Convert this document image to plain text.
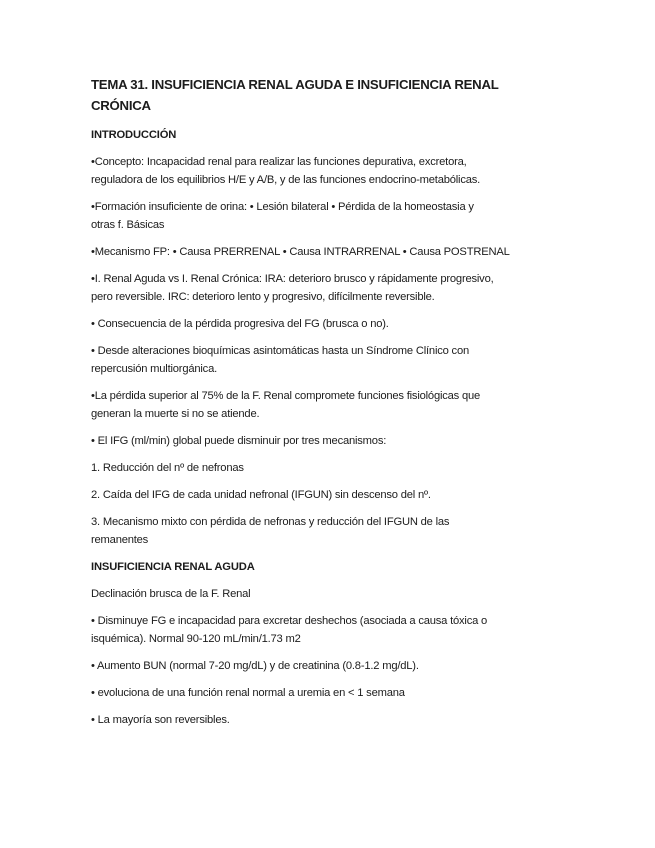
TEMA 31. INSUFICIENCIA RENAL AGUDA E INSUFICIENCIA RENAL
CRÓNICA
INTRODUCCIÓN
•Concepto: Incapacidad renal para realizar las funciones depurativa, excretora,
reguladora de los equilibrios H/E y A/B, y de las funciones endocrino-metabólicas.
•Formación insuficiente de orina: • Lesión bilateral • Pérdida de la homeostasia y
otras f. Básicas
•Mecanismo FP: • Causa PRERRENAL • Causa INTRARRENAL • Causa POSTRENAL
•I. Renal Aguda vs I. Renal Crónica: IRA: deterioro brusco y rápidamente progresivo,
pero reversible. IRC: deterioro lento y progresivo, difícilmente reversible.
• Consecuencia de la pérdida progresiva del FG (brusca o no).
• Desde alteraciones bioquímicas asintomáticas hasta un Síndrome Clínico con
repercusión multiorgánica.
•La pérdida superior al 75% de la F. Renal compromete funciones fisiológicas que
generan la muerte si no se atiende.
• El IFG (ml/min) global puede disminuir por tres mecanismos:
1. Reducción del nº de nefronas
2. Caída del IFG de cada unidad nefronal (IFGUN) sin descenso del nº.
3. Mecanismo mixto con pérdida de nefronas y reducción del IFGUN de las
remanentes
INSUFICIENCIA RENAL AGUDA
Declinación brusca de la F. Renal
• Disminuye FG e incapacidad para excretar deshechos (asociada a causa tóxica o
isquémica). Normal 90-120 mL/min/1.73 m2
• Aumento BUN (normal 7-20 mg/dL) y de creatinina (0.8-1.2 mg/dL).
• evoluciona de una función renal normal a uremia en < 1 semana
• La mayoría son reversibles.
